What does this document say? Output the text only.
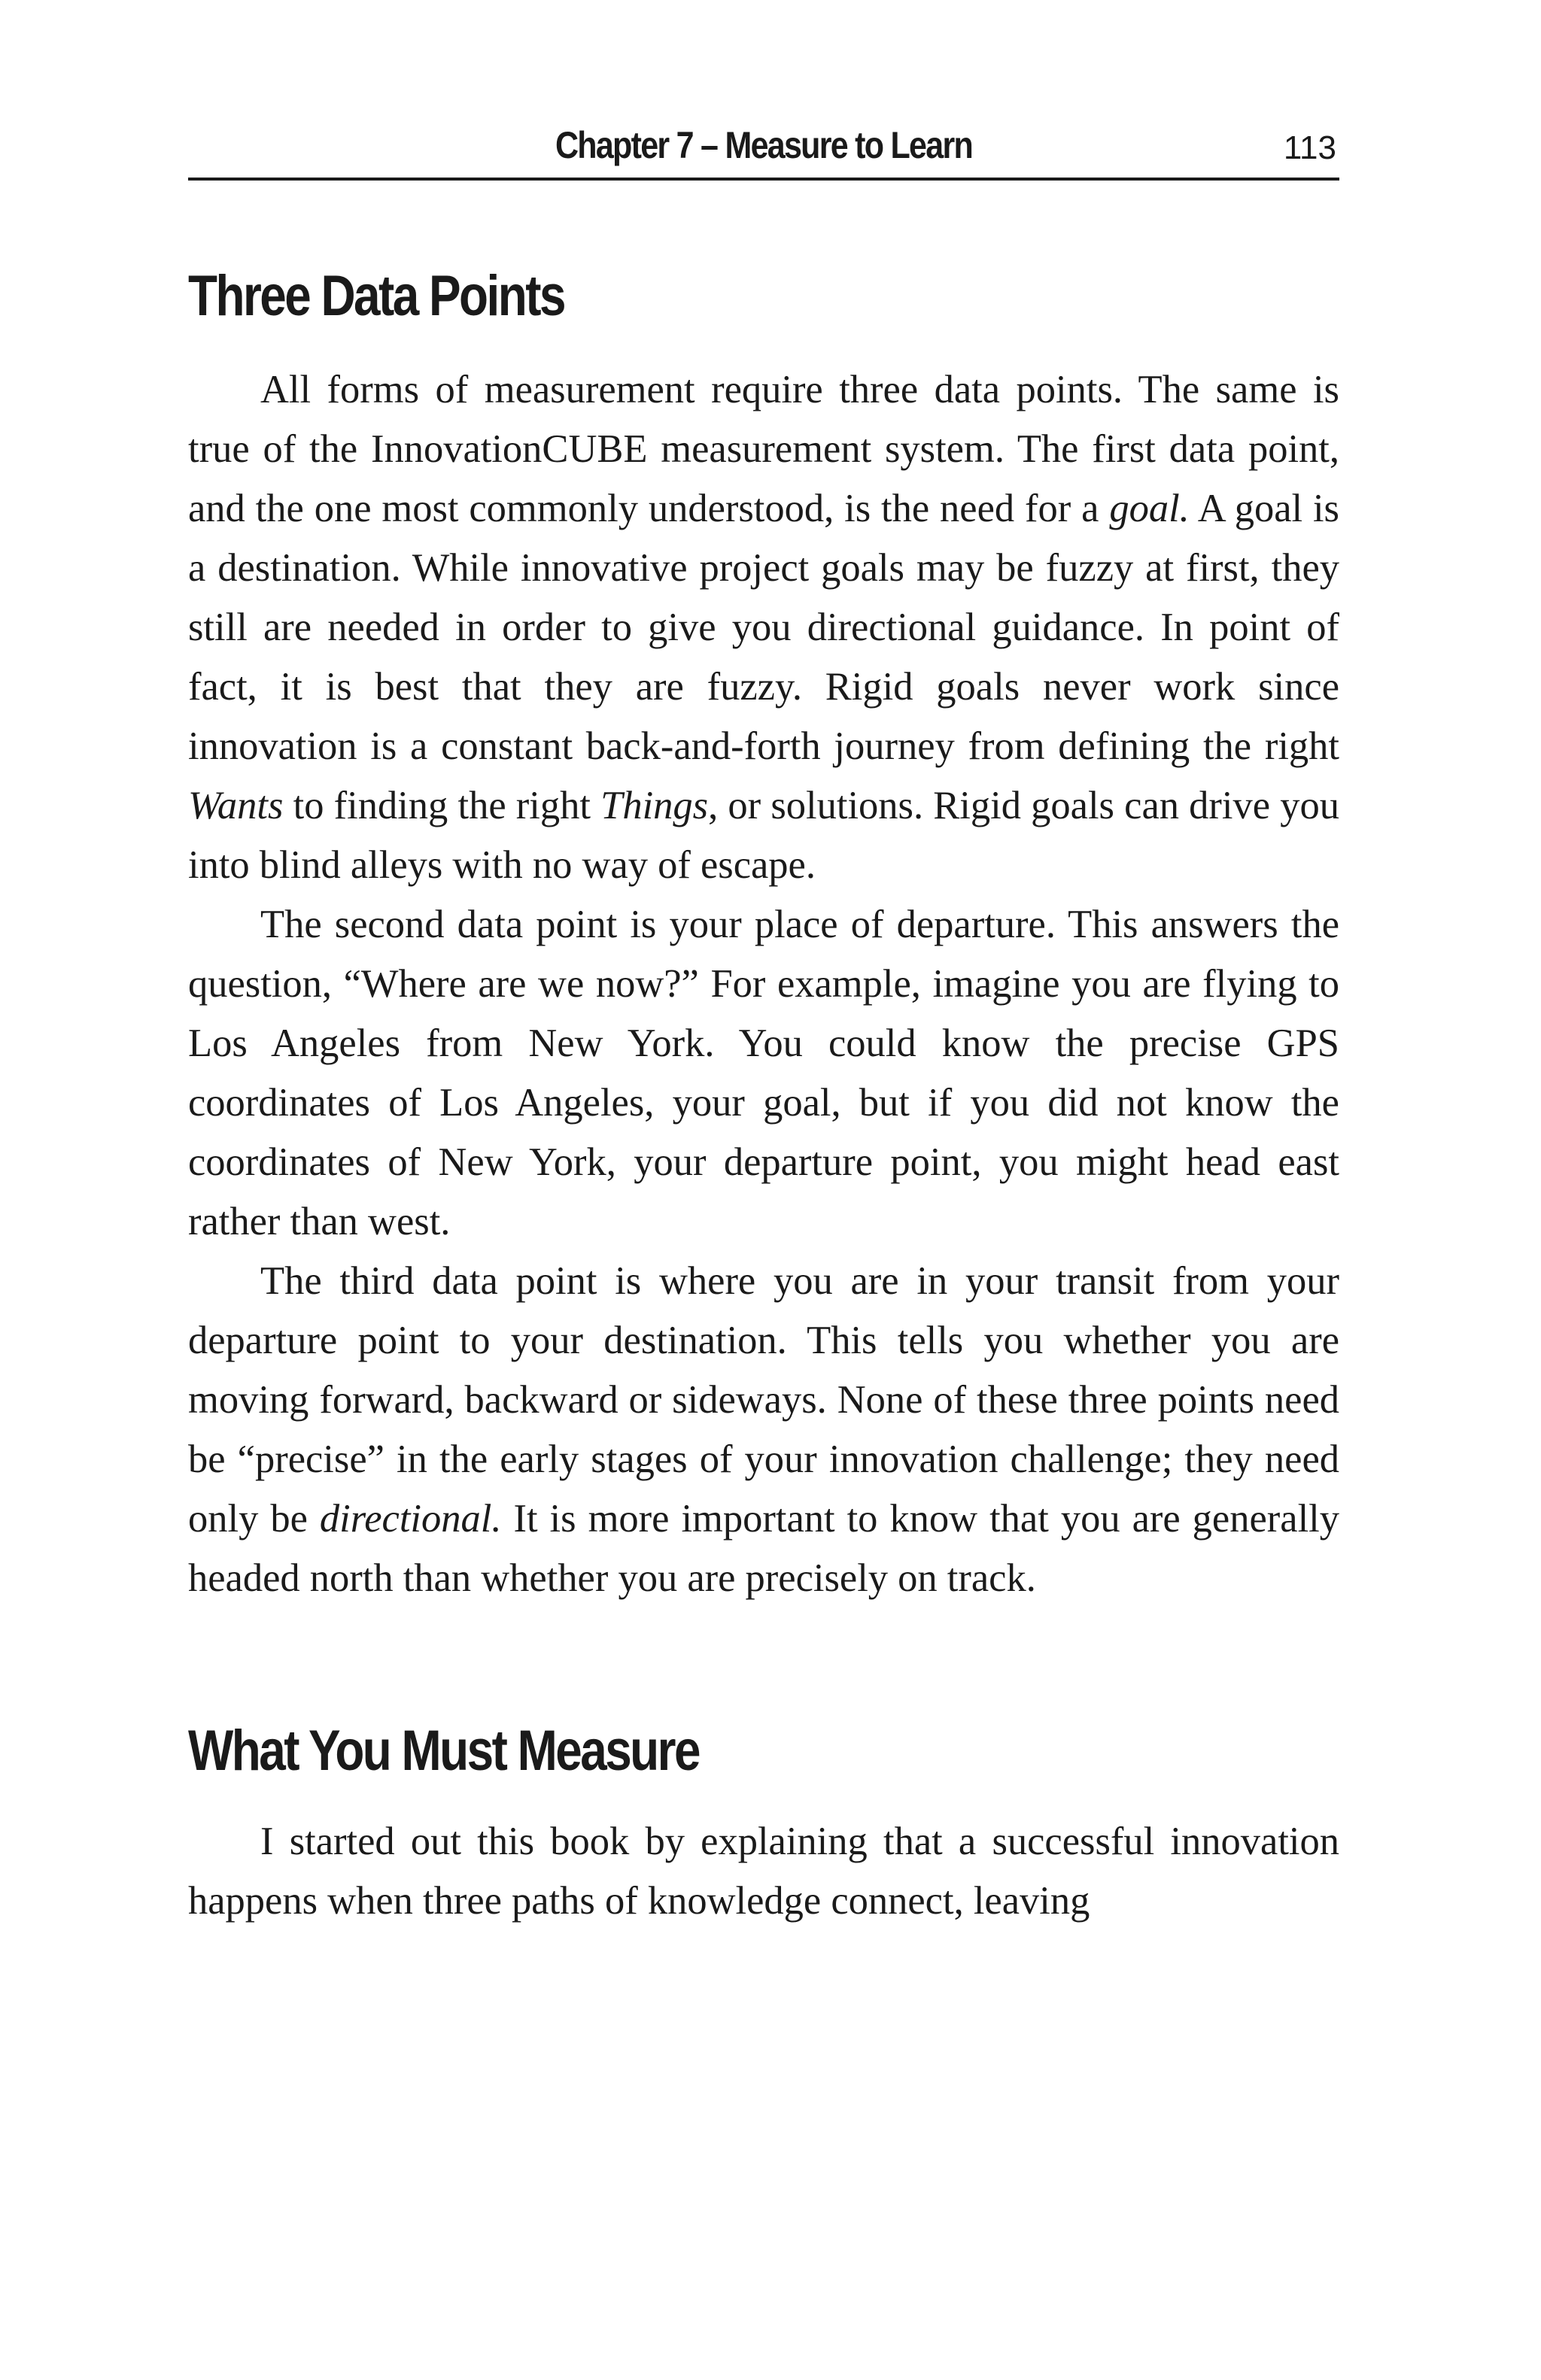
Chapter 7 – Measure to Learn	113
Three Data Points

All forms of measurement require three data points. The same is true of the InnovationCUBE measurement system. The first data point, and the one most commonly understood, is the need for a goal. A goal is a destination. While innovative project goals may be fuzzy at first, they still are needed in order to give you directional guidance. In point of fact, it is best that they are fuzzy. Rigid goals never work since innovation is a constant back-and-forth journey from defining the right Wants to finding the right Things, or solutions. Rigid goals can drive you into blind alleys with no way of escape.

The second data point is your place of departure. This answers the question, “Where are we now?” For example, imagine you are flying to Los Angeles from New York. You could know the precise GPS coordinates of Los Angeles, your goal, but if you did not know the coordinates of New York, your departure point, you might head east rather than west.

The third data point is where you are in your transit from your departure point to your destination. This tells you whether you are moving forward, backward or sideways. None of these three points need be “precise” in the early stages of your innovation challenge; they need only be directional. It is more important to know that you are generally headed north than whether you are precisely on track.

What You Must Measure

I started out this book by explaining that a successful innovation happens when three paths of knowledge connect, leaving
